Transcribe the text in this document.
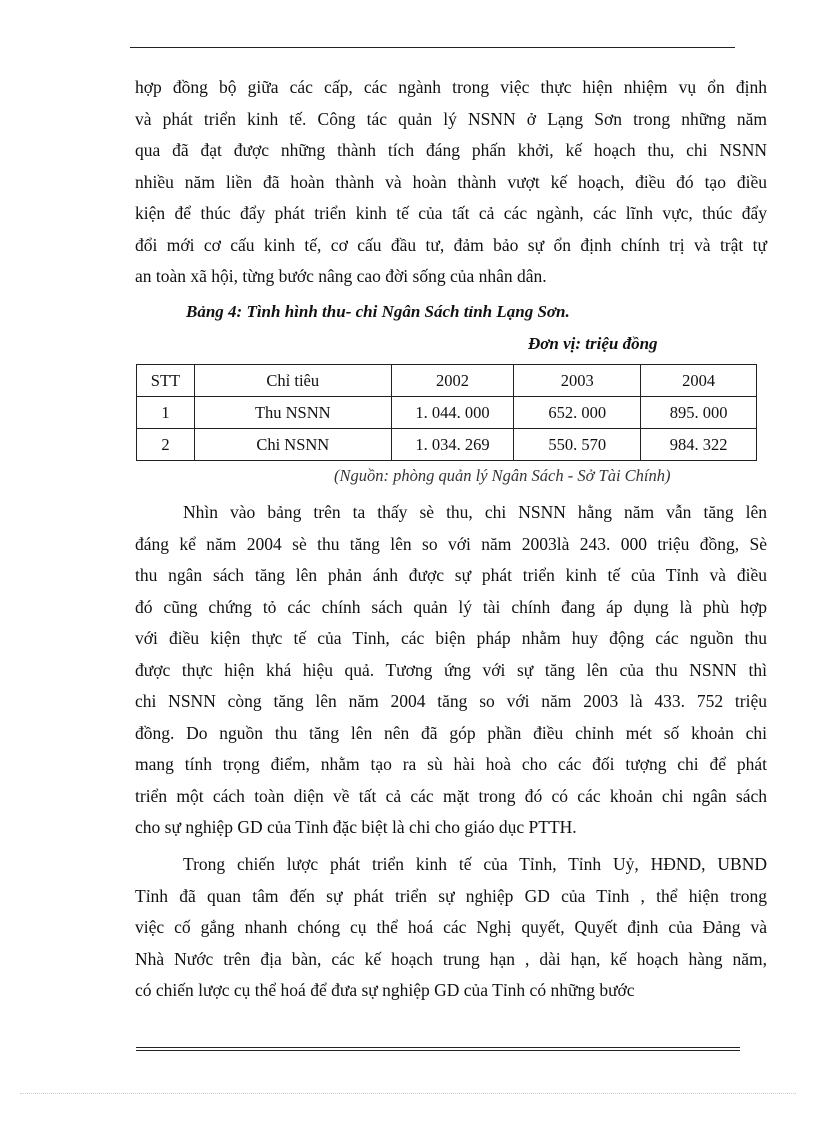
hợp đồng bộ giữa các cấp, các ngành trong việc thực hiện nhiệm vụ ổn định
và phát triển kinh tế. Công tác quản lý NSNN ở Lạng Sơn trong những năm
qua đã đạt được những thành tích đáng phấn khởi, kế hoạch thu, chi NSNN
nhiều năm liền đã hoàn thành và hoàn thành vượt kế hoạch, điều đó tạo điều
kiện để thúc đẩy phát triển kinh tế của tất cả các ngành, các lĩnh vực, thúc đẩy
đổi mới cơ cấu kinh tế, cơ cấu đầu tư, đảm bảo sự ổn định chính trị và trật tự
an toàn xã hội, từng bước nâng cao đời sống của nhân dân.

Bảng 4: Tình hình thu- chi Ngân Sách tỉnh Lạng Sơn.
Đơn vị: triệu đồng
STT	Chỉ tiêu	2002	2003	2004
1	Thu NSNN	1. 044. 000	652. 000	895. 000
2	Chi NSNN	1. 034. 269	550. 570	984. 322
(Nguồn: phòng quản lý Ngân Sách - Sở Tài Chính)

Nhìn vào bảng trên ta thấy sè thu, chi NSNN hằng năm vẫn tăng lên
đáng kể năm 2004 sè thu tăng lên so với năm 2003là 243. 000 triệu đồng, Sè
thu ngân sách tăng lên phản ánh được sự phát triển kinh tế của Tỉnh và điều
đó cũng chứng tỏ các chính sách quản lý tài chính đang áp dụng là phù hợp
với điều kiện thực tế của Tỉnh, các biện pháp nhằm huy động các nguồn thu
được thực hiện khá hiệu quả. Tương ứng với sự tăng lên của thu NSNN thì
chi NSNN còng tăng lên năm 2004 tăng so với năm 2003 là 433. 752 triệu
đồng. Do nguồn thu tăng lên nên đã góp phần điều chỉnh mét số khoản chi
mang tính trọng điểm, nhằm tạo ra sù hài hoà cho các đối tượng chi để phát
triển một cách toàn diện về tất cả các mặt trong đó có các khoản chi ngân sách
cho sự nghiệp GD của Tỉnh đặc biệt là chi cho giáo dục PTTH.

Trong chiến lược phát triển kinh tế của Tỉnh, Tỉnh Uỷ, HĐND, UBND
Tỉnh đã quan tâm đến sự phát triển sự nghiệp GD của Tỉnh , thể hiện trong
việc cố gắng nhanh chóng cụ thể hoá các Nghị quyết, Quyết định của Đảng và
Nhà Nước trên địa bàn, các kế hoạch trung hạn , dài hạn, kế hoạch hàng năm,
có chiến lược cụ thể hoá để đưa sự nghiệp GD của Tỉnh có những bước
